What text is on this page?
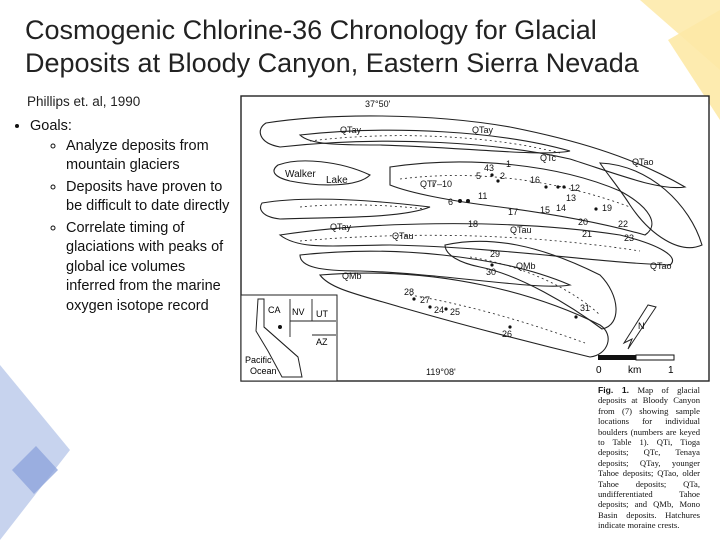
Cosmogenic Chlorine-36 Chronology for Glacial Deposits at Bloody Canyon, Eastern Sierra Nevada
Phillips et. al, 1990
• Goals:
◦ Analyze deposits from mountain glaciers
◦ Deposits have proven to be difficult to date directly
◦ Correlate timing of glaciations with peaks of global ice volumes inferred from the marine oxygen isotope record
37°50'
119°08'
Walker
Lake
QTay	QTay
QTay
QTc	QTao
QTao
QTi
QTau
QTau
QMb
QMb
7–10
6
5
43
2
1
11
16
12
13
15 14
17
18
19
20
21
22
23
29
30
28
27
24 25	31
26
CA NV UT
AZ
Pacific
Ocean
N
0	km	1
Fig. 1. Map of glacial deposits at Bloody Canyon from (7) showing sample locations for individual boulders (numbers are keyed to Table 1). QTi, Tioga deposits; QTc, Tenaya deposits; QTay, younger Tahoe deposits; QTao, older Tahoe deposits; QTa, undifferentiated Tahoe deposits; and QMb, Mono Basin deposits. Hatchures indicate moraine crests.
